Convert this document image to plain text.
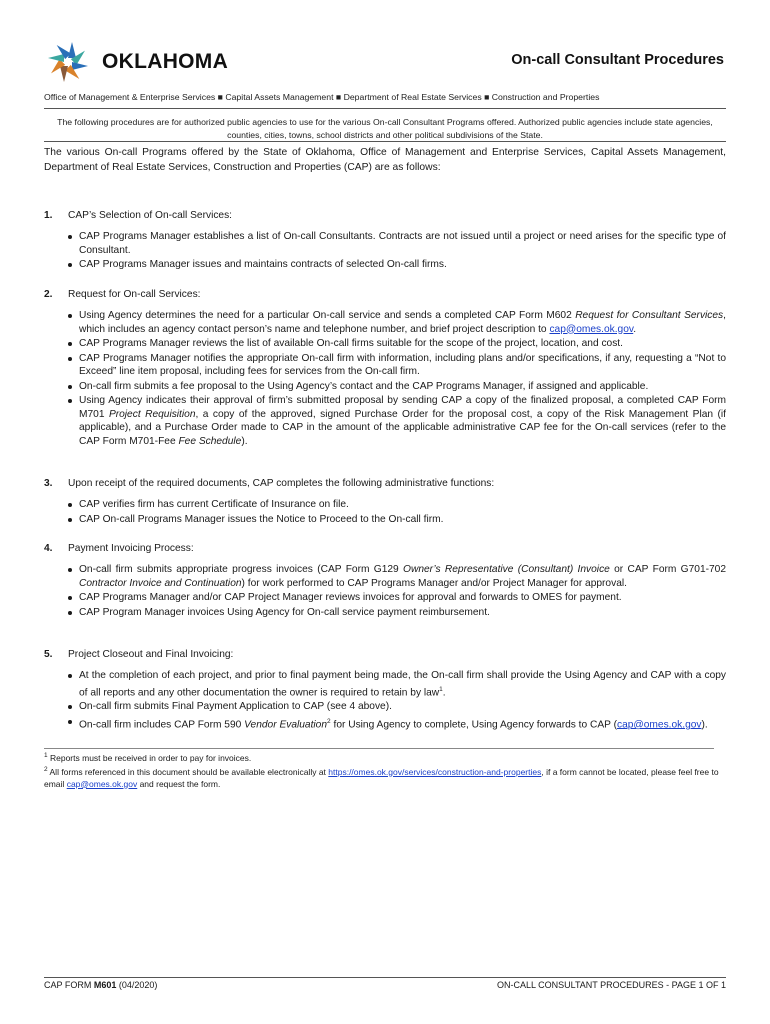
OKLAHOMA	On-call Consultant Procedures
Office of Management & Enterprise Services ■ Capital Assets Management ■ Department of Real Estate Services ■ Construction and Properties
The following procedures are for authorized public agencies to use for the various On-call Consultant Programs offered. Authorized public agencies include state agencies, counties, cities, towns, school districts and other political subdivisions of the State.
The various On-call Programs offered by the State of Oklahoma, Office of Management and Enterprise Services, Capital Assets Management, Department of Real Estate Services, Construction and Properties (CAP) are as follows:
1. CAP’s Selection of On-call Services:
CAP Programs Manager establishes a list of On-call Consultants. Contracts are not issued until a project or need arises for the specific type of Consultant.
CAP Programs Manager issues and maintains contracts of selected On-call firms.
2. Request for On-call Services:
Using Agency determines the need for a particular On-call service and sends a completed CAP Form M602 Request for Consultant Services, which includes an agency contact person’s name and telephone number, and brief project description to cap@omes.ok.gov.
CAP Programs Manager reviews the list of available On-call firms suitable for the scope of the project, location, and cost.
CAP Programs Manager notifies the appropriate On-call firm with information, including plans and/or specifications, if any, requesting a “Not to Exceed” line item proposal, including fees for services from the On-call firm.
On-call firm submits a fee proposal to the Using Agency’s contact and the CAP Programs Manager, if assigned and applicable.
Using Agency indicates their approval of firm’s submitted proposal by sending CAP a copy of the finalized proposal, a completed CAP Form M701 Project Requisition, a copy of the approved, signed Purchase Order for the proposal cost, a copy of the Risk Management Plan (if applicable), and a Purchase Order made to CAP in the amount of the applicable administrative CAP fee for the On-call services (refer to the CAP Form M701-Fee Fee Schedule).
3. Upon receipt of the required documents, CAP completes the following administrative functions:
CAP verifies firm has current Certificate of Insurance on file.
CAP On-call Programs Manager issues the Notice to Proceed to the On-call firm.
4. Payment Invoicing Process:
On-call firm submits appropriate progress invoices (CAP Form G129 Owner’s Representative (Consultant) Invoice or CAP Form G701-702 Contractor Invoice and Continuation) for work performed to CAP Programs Manager and/or Project Manager for approval.
CAP Programs Manager and/or CAP Project Manager reviews invoices for approval and forwards to OMES for payment.
CAP Program Manager invoices Using Agency for On-call service payment reimbursement.
5. Project Closeout and Final Invoicing:
At the completion of each project, and prior to final payment being made, the On-call firm shall provide the Using Agency and CAP with a copy of all reports and any other documentation the owner is required to retain by law$^1$.
On-call firm submits Final Payment Application to CAP (see 4 above).
On-call firm includes CAP Form 590 Vendor Evaluation$^2$ for Using Agency to complete, Using Agency forwards to CAP (cap@omes.ok.gov).
$^1$ Reports must be received in order to pay for invoices.
$^2$ All forms referenced in this document should be available electronically at https://omes.ok.gov/services/construction-and-properties, if a form cannot be located, please feel free to email cap@omes.ok.gov and request the form.
CAP FORM M601 (04/2020)	ON-CALL CONSULTANT PROCEDURES - PAGE 1 OF 1
